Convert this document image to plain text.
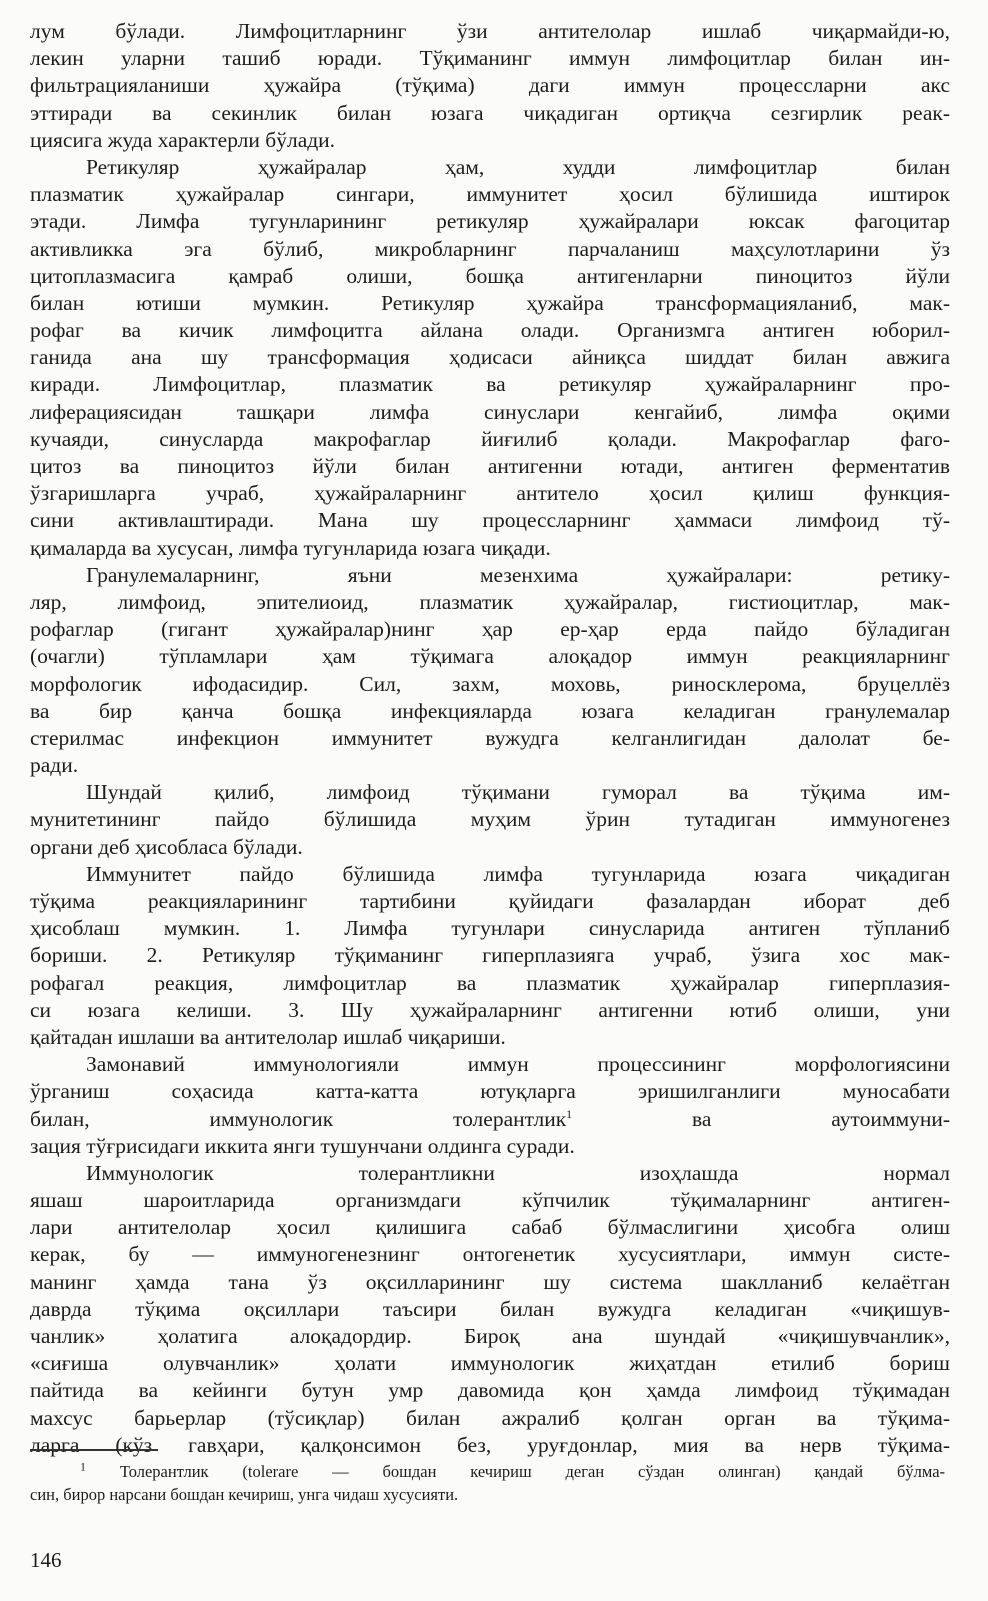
лум бўлади. Лимфоцитларнинг ўзи антителолар ишлаб чиқармайди-ю,
лекин уларни ташиб юради. Тўқиманинг иммун лимфоцитлар билан ин-
фильтрацияланиши ҳужайра (тўқима) даги иммун процессларни акс
эттиради ва секинлик билан юзага чиқадиган ортиқча сезгирлик реак-
циясига жуда характерли бўлади.
Ретикуляр ҳужайралар ҳам, худди лимфоцитлар билан
плазматик ҳужайралар сингари, иммунитет ҳосил бўлишида иштирок
этади. Лимфа тугунларининг ретикуляр ҳужайралари юксак фагоцитар
активликка эга бўлиб, микробларнинг парчаланиш маҳсулотларини ўз
цитоплазмасига қамраб олиши, бошқа антигенларни пиноцитоз йўли
билан ютиши мумкин. Ретикуляр ҳужайра трансформацияланиб, мак-
рофаг ва кичик лимфоцитга айлана олади. Организмга антиген юборил-
ганида ана шу трансформация ҳодисаси айниқса шиддат билан авжига
киради. Лимфоцитлар, плазматик ва ретикуляр ҳужайраларнинг про-
лиферациясидан ташқари лимфа синуслари кенгайиб, лимфа оқими
кучаяди, синусларда макрофаглар йиғилиб қолади. Макрофаглар фаго-
цитоз ва пиноцитоз йўли билан антигенни ютади, антиген ферментатив
ўзгаришларга учраб, ҳужайраларнинг антитело ҳосил қилиш функция-
сини активлаштиради. Мана шу процессларнинг ҳаммаси лимфоид тў-
қималарда ва хусусан, лимфа тугунларида юзага чиқади.
Гранулемаларнинг, яъни мезенхима ҳужайралари: ретику-
ляр, лимфоид, эпителиоид, плазматик ҳужайралар, гистиоцитлар, мак-
рофаглар (гигант ҳужайралар)нинг ҳар ер-ҳар ерда пайдо бўладиган
(очагли) тўпламлари ҳам тўқимага алоқадор иммун реакцияларнинг
морфологик ифодасидир. Сил, захм, моховь, риносклерома, бруцеллёз
ва бир қанча бошқа инфекцияларда юзага келадиган гранулемалар
стерилмас инфекцион иммунитет вужудга келганлигидан далолат бе-
ради.
Шундай қилиб, лимфоид тўқимани гуморал ва тўқима им-
мунитетининг пайдо бўлишида муҳим ўрин тутадиган иммуногенез
органи деб ҳисобласа бўлади.
Иммунитет пайдо бўлишида лимфа тугунларида юзага чиқадиган
тўқима реакцияларининг тартибини қуйидаги фазалардан иборат деб
ҳисоблаш мумкин. 1. Лимфа тугунлари синусларида антиген тўпланиб
бориши. 2. Ретикуляр тўқиманинг гиперплазияга учраб, ўзига хос мак-
рофагал реакция, лимфоцитлар ва плазматик ҳужайралар гиперплазия-
си юзага келиши. 3. Шу ҳужайраларнинг антигенни ютиб олиши, уни
қайтадан ишлаши ва антителолар ишлаб чиқариши.
Замонавий иммунологияли иммун процессининг морфологиясини
ўрганиш соҳасида катта-катта ютуқларга эришилганлиги муносабати
билан, иммунологик толерантлик$^1$	ва аутоиммуни-
зация тўғрисидаги иккита янги тушунчани олдинга суради.
Иммунологик толерантликни изоҳлашда нормал
яшаш шароитларида организмдаги кўпчилик тўқималарнинг антиген-
лари антителолар ҳосил қилишига сабаб бўлмаслигини ҳисобга олиш
керак, бу — иммуногенезнинг онтогенетик хусусиятлари, иммун систе-
манинг ҳамда тана ўз оқсилларининг шу система шаклланиб келаётган
даврда тўқима оқсиллари таъсири билан вужудга келадиган «чиқишув-
чанлик» ҳолатига алоқадордир. Бироқ ана шундай «чиқишувчанлик»,
«сиғиша олувчанлик» ҳолати иммунологик жиҳатдан етилиб бориш
пайтида ва кейинги бутун умр давомида қон ҳамда лимфоид тўқимадан
махсус барьерлар (тўсиқлар) билан ажралиб қолган орган ва тўқима-
ларга (кўз гавҳари, қалқонсимон без, уруғдонлар, мия ва нерв тўқима-
$^1$ Толерантлик (tolerare — бошдан кечириш деган сўздан олинган) қандай бўлма-
син, бирор нарсани бошдан кечириш, унга чидаш хусусияти.
146
